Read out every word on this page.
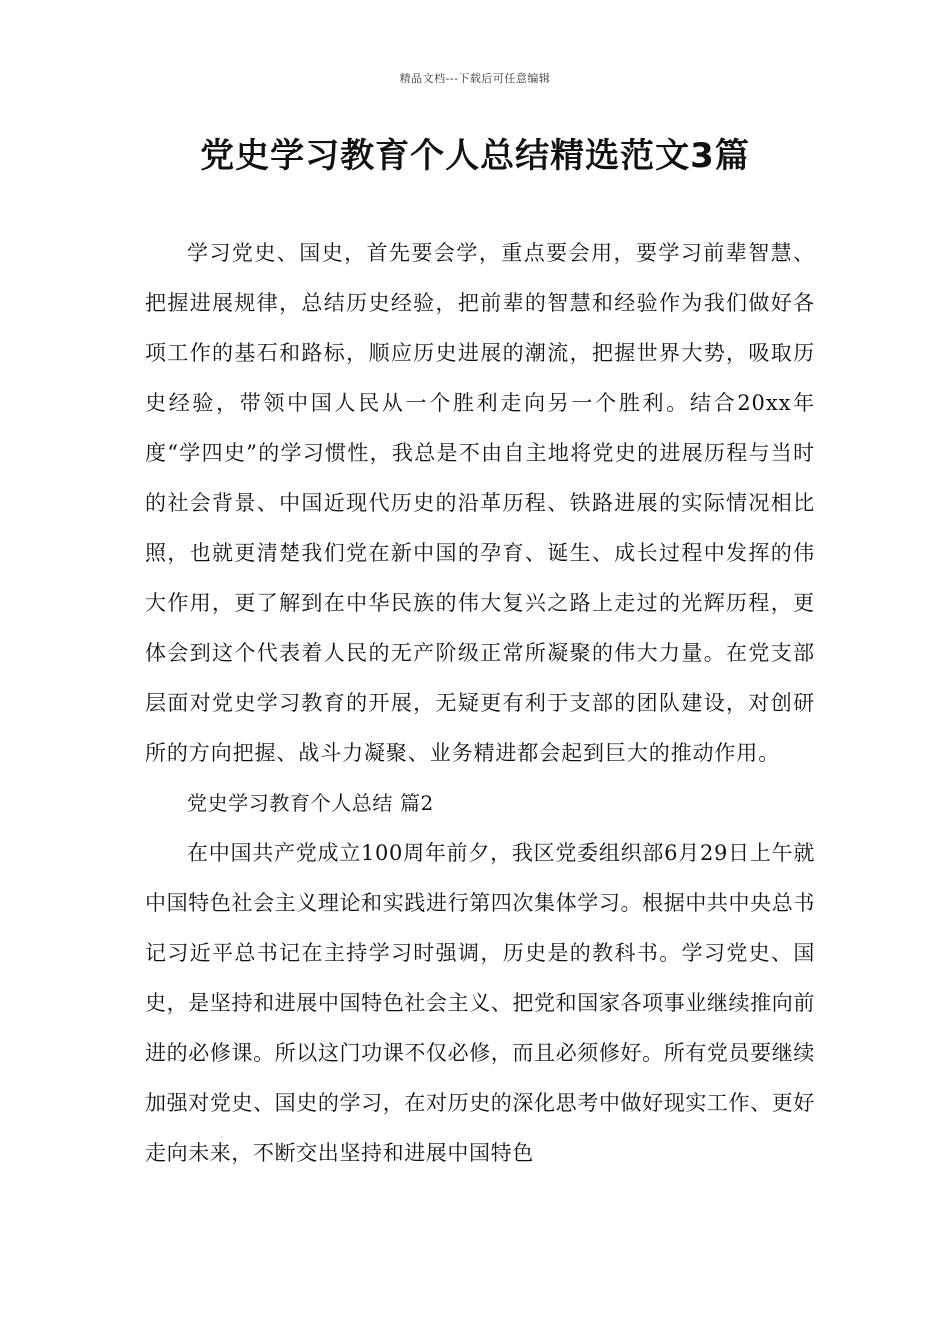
精品文档---下载后可任意编辑
党史学习教育个人总结精选范文3篇

学习党史、国史，首先要会学，重点要会用，要学习前辈智慧、把握进展规律，总结历史经验，把前辈的智慧和经验作为我们做好各项工作的基石和路标，顺应历史进展的潮流，把握世界大势，吸取历史经验，带领中国人民从一个胜利走向另一个胜利。结合20xx年度“学四史”的学习惯性，我总是不由自主地将党史的进展历程与当时的社会背景、中国近现代历史的沿革历程、铁路进展的实际情况相比照，也就更清楚我们党在新中国的孕育、诞生、成长过程中发挥的伟大作用，更了解到在中华民族的伟大复兴之路上走过的光辉历程，更体会到这个代表着人民的无产阶级正常所凝聚的伟大力量。在党支部层面对党史学习教育的开展，无疑更有利于支部的团队建设，对创研所的方向把握、战斗力凝聚、业务精进都会起到巨大的推动作用。

党史学习教育个人总结 篇2

在中国共产党成立100周年前夕，我区党委组织部6月29日上午就中国特色社会主义理论和实践进行第四次集体学习。根据中共中央总书记习近平总书记在主持学习时强调，历史是的教科书。学习党史、国史，是坚持和进展中国特色社会主义、把党和国家各项事业继续推向前进的必修课。所以这门功课不仅必修，而且必须修好。所有党员要继续加强对党史、国史的学习，在对历史的深化思考中做好现实工作、更好走向未来，不断交出坚持和进展中国特色
